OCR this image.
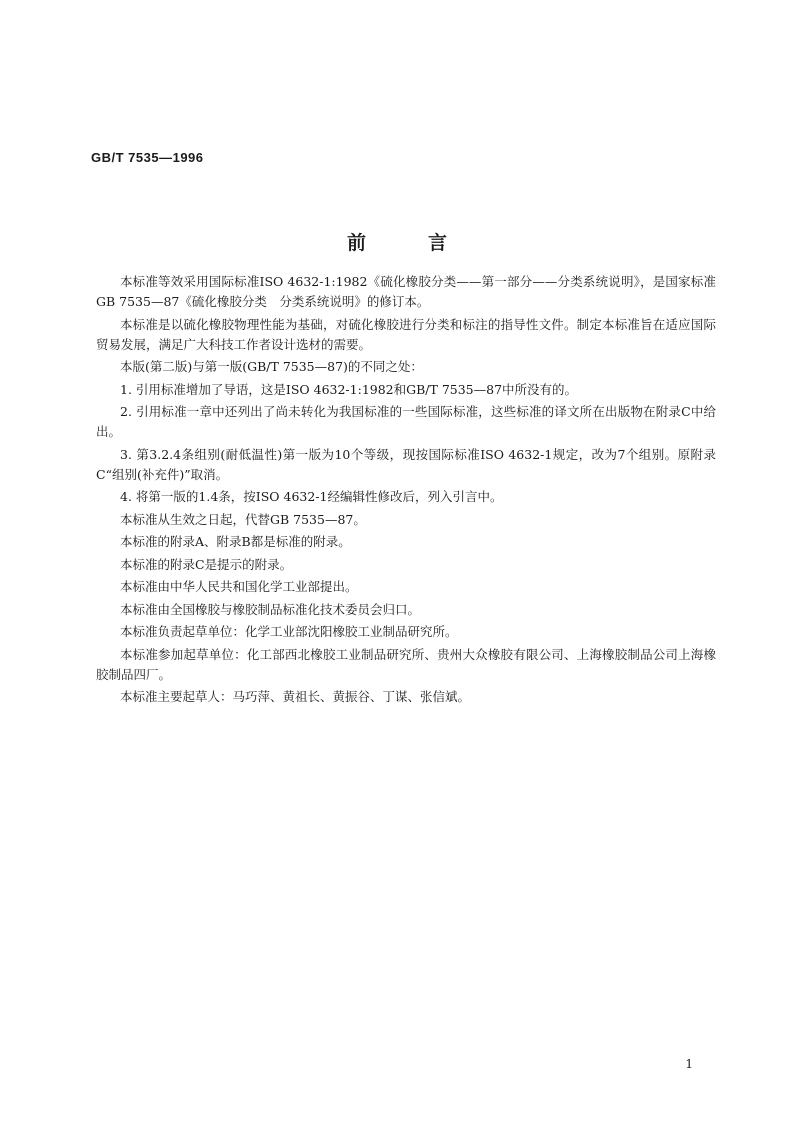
GB/T 7535—1996
前言

本标准等效采用国际标准ISO 4632-1:1982《硫化橡胶分类——第一部分——分类系统说明》，是国家标准GB 7535—87《硫化橡胶分类　分类系统说明》的修订本。

本标准是以硫化橡胶物理性能为基础，对硫化橡胶进行分类和标注的指导性文件。制定本标准旨在适应国际贸易发展，满足广大科技工作者设计选材的需要。

本版(第二版)与第一版(GB/T 7535—87)的不同之处：

1. 引用标准增加了导语，这是ISO 4632-1:1982和GB/T 7535—87中所没有的。

2. 引用标准一章中还列出了尚未转化为我国标准的一些国际标准，这些标准的译文所在出版物在附录C中给出。

3. 第3.2.4条组别(耐低温性)第一版为10个等级，现按国际标准ISO 4632-1规定，改为7个组别。原附录C“组别(补充件)”取消。

4. 将第一版的1.4条，按ISO 4632-1经编辑性修改后，列入引言中。

本标准从生效之日起，代替GB 7535—87。

本标准的附录A、附录B都是标准的附录。

本标准的附录C是提示的附录。

本标准由中华人民共和国化学工业部提出。

本标准由全国橡胶与橡胶制品标准化技术委员会归口。

本标准负责起草单位：化学工业部沈阳橡胶工业制品研究所。

本标准参加起草单位：化工部西北橡胶工业制品研究所、贵州大众橡胶有限公司、上海橡胶制品公司上海橡胶制品四厂。

本标准主要起草人：马巧萍、黄祖长、黄振谷、丁谋、张信斌。

1
